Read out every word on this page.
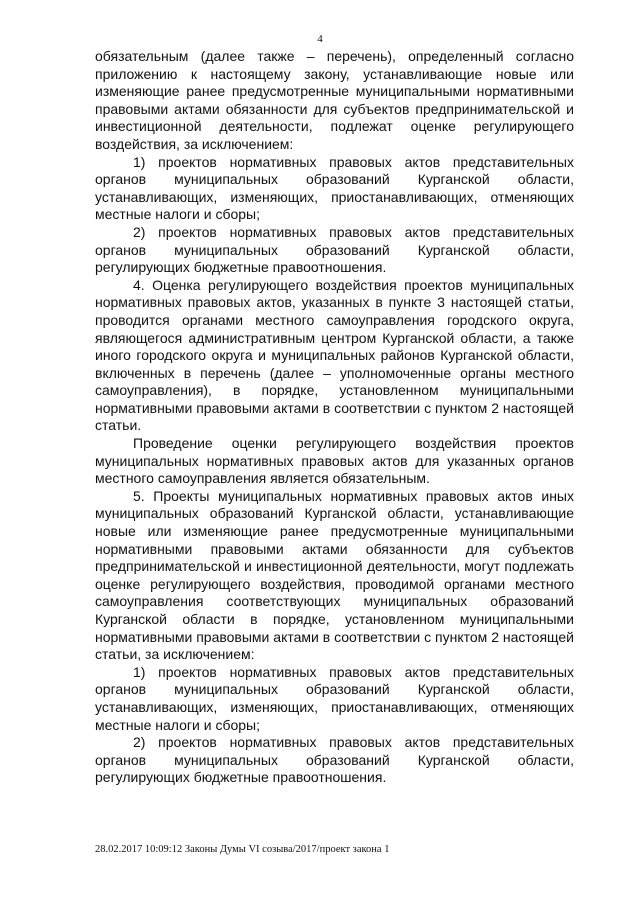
4

обязательным (далее также – перечень), определенный согласно приложению к настоящему закону, устанавливающие новые или изменяющие ранее предусмотренные муниципальными нормативными правовыми актами обязанности для субъектов предпринимательской и инвестиционной деятельности, подлежат оценке регулирующего воздействия, за исключением:

1) проектов нормативных правовых актов представительных органов муниципальных образований Курганской области, устанавливающих, изменяющих, приостанавливающих, отменяющих местные налоги и сборы;

2) проектов нормативных правовых актов представительных органов муниципальных образований Курганской области, регулирующих бюджетные правоотношения.

4. Оценка регулирующего воздействия проектов муниципальных нормативных правовых актов, указанных в пункте 3 настоящей статьи, проводится органами местного самоуправления городского округа, являющегося административным центром Курганской области, а также иного городского округа и муниципальных районов Курганской области, включенных в перечень (далее – уполномоченные органы местного самоуправления), в порядке, установленном муниципальными нормативными правовыми актами в соответствии с пунктом 2 настоящей статьи.

Проведение оценки регулирующего воздействия проектов муниципальных нормативных правовых актов для указанных органов местного самоуправления является обязательным.

5. Проекты муниципальных нормативных правовых актов иных муниципальных образований Курганской области, устанавливающие новые или изменяющие ранее предусмотренные муниципальными нормативными правовыми актами обязанности для субъектов предпринимательской и инвестиционной деятельности, могут подлежать оценке регулирующего воздействия, проводимой органами местного самоуправления соответствующих муниципальных образований Курганской области в порядке, установленном муниципальными нормативными правовыми актами в соответствии с пунктом 2 настоящей статьи, за исключением:

1) проектов нормативных правовых актов представительных органов муниципальных образований Курганской области, устанавливающих, изменяющих, приостанавливающих, отменяющих местные налоги и сборы;

2) проектов нормативных правовых актов представительных органов муниципальных образований Курганской области, регулирующих бюджетные правоотношения.

28.02.2017 10:09:12 Законы Думы VI созыва/2017/проект закона 1
